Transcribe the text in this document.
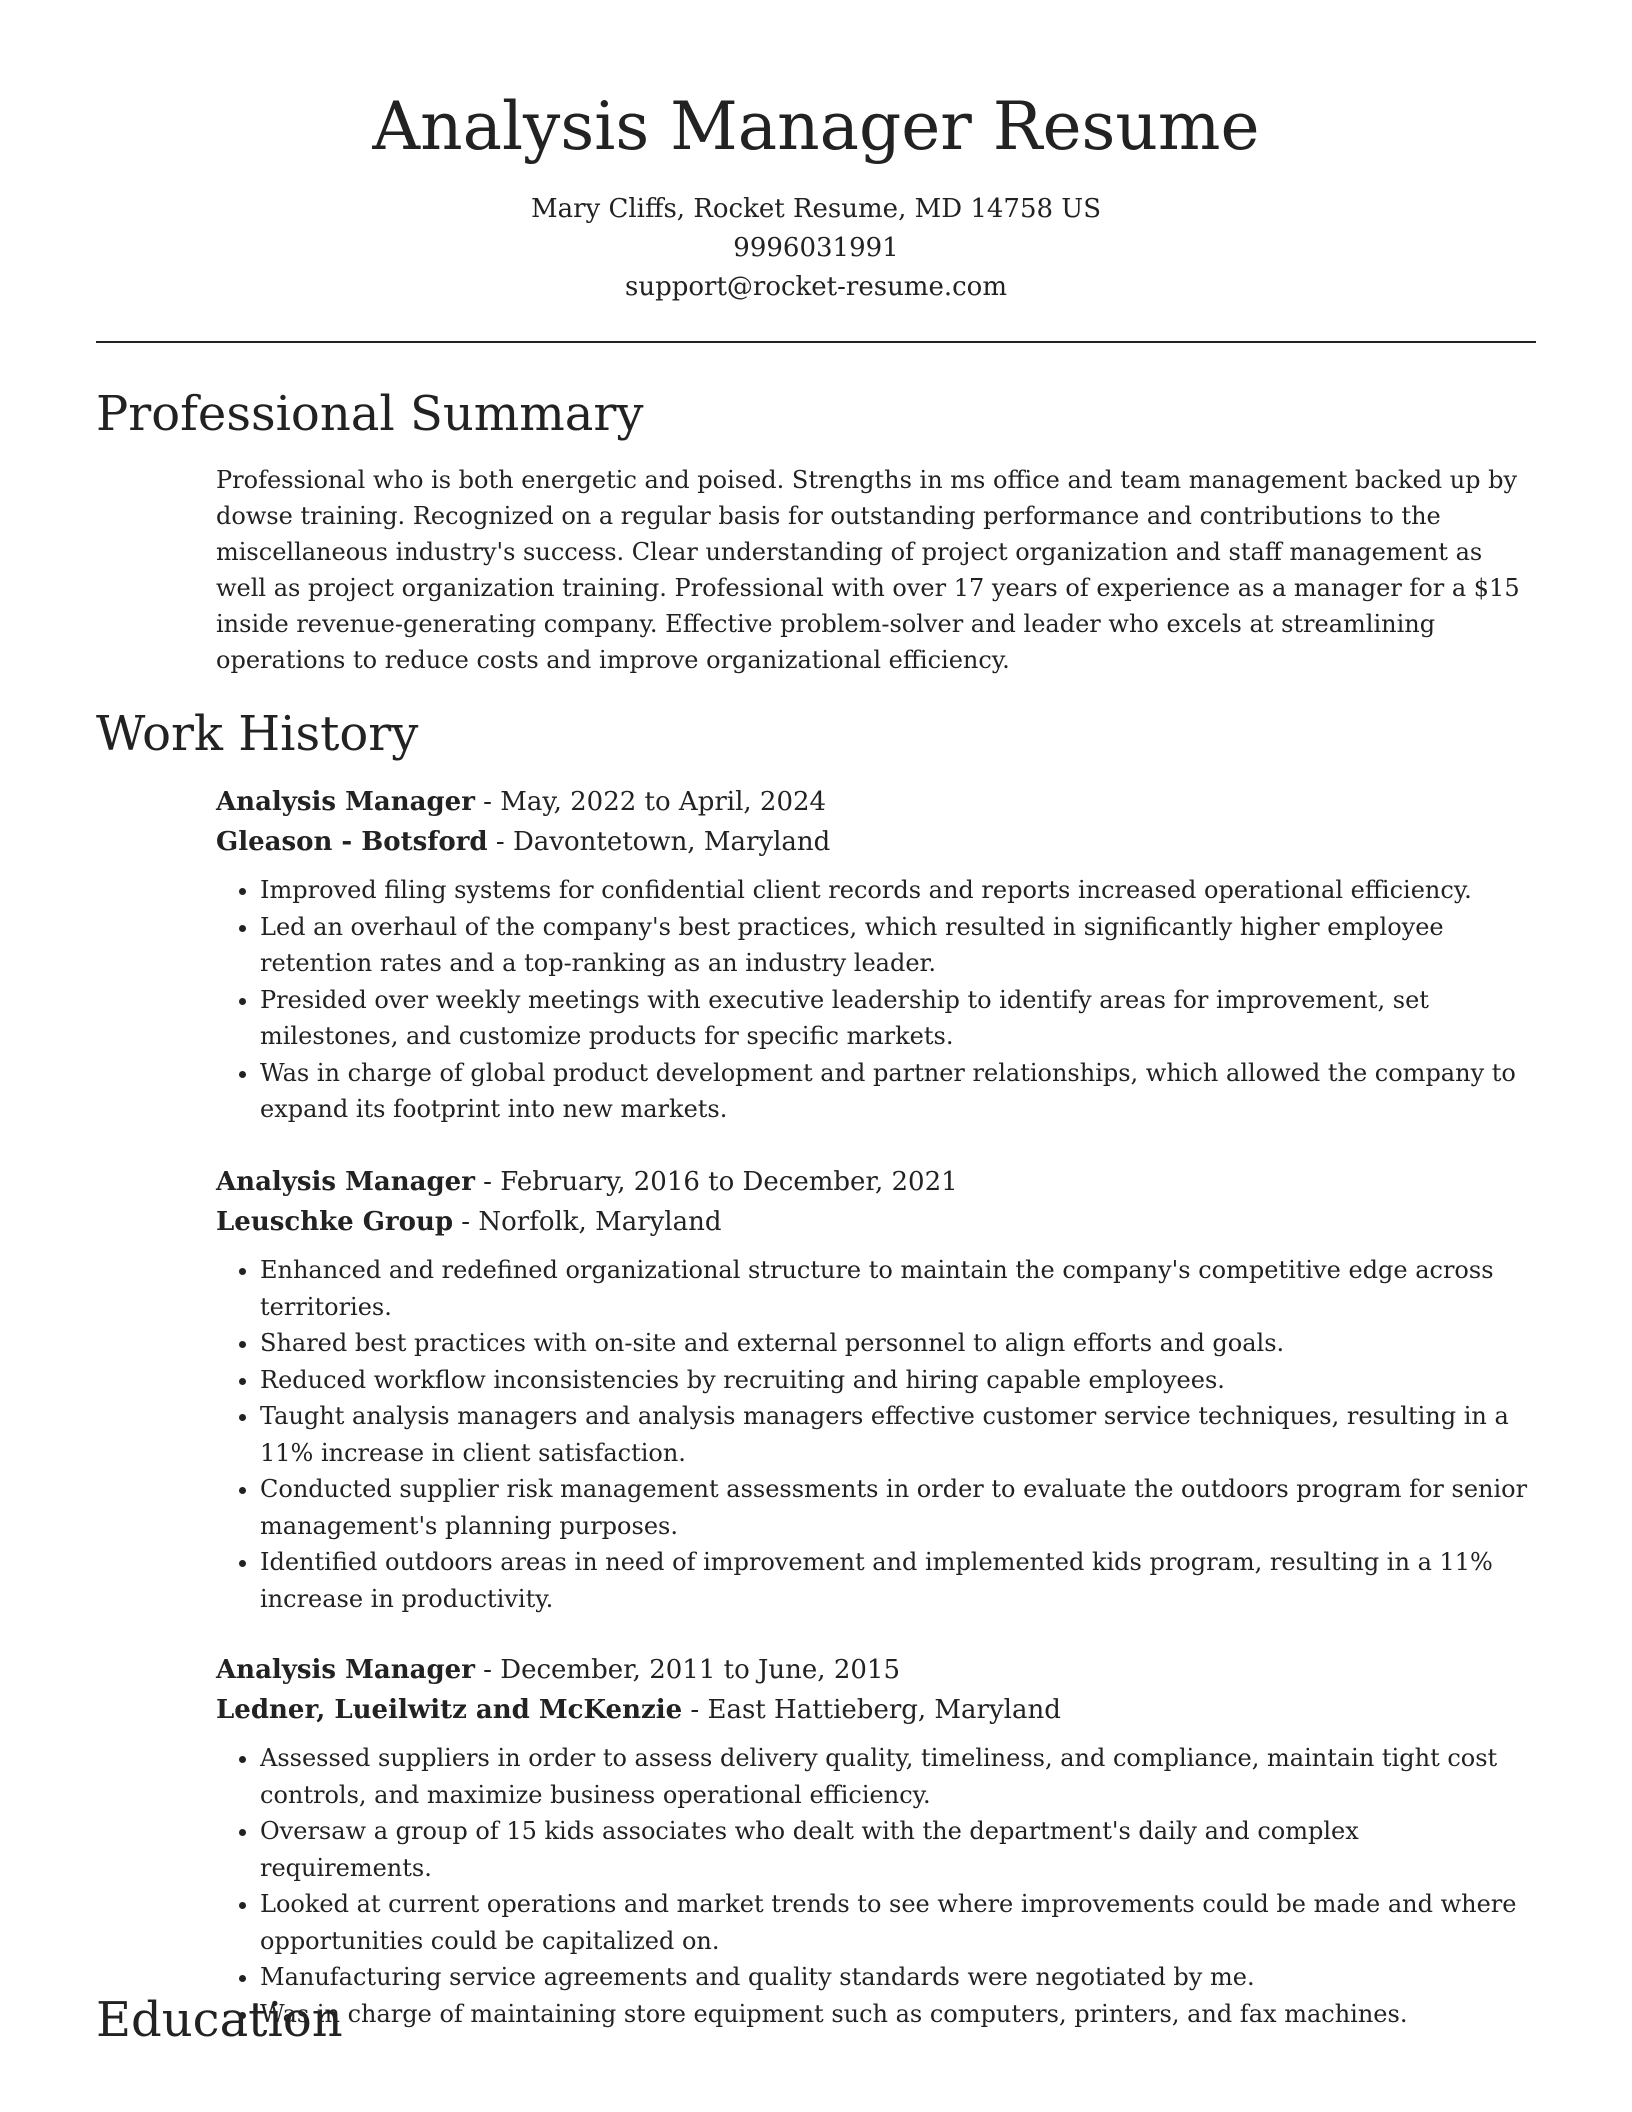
Analysis Manager Resume
Mary Cliffs, Rocket Resume, MD 14758 US
9996031991
support@rocket-resume.com
Professional Summary

Professional who is both energetic and poised. Strengths in ms office and team management backed up by dowse training. Recognized on a regular basis for outstanding performance and contributions to the miscellaneous industry's success. Clear understanding of project organization and staff management as well as project organization training. Professional with over 17 years of experience as a manager for a $15 inside revenue-generating company. Effective problem-solver and leader who excels at streamlining operations to reduce costs and improve organizational efficiency.

Work History
Analysis Manager - May, 2022 to April, 2024
Gleason - Botsford - Davontetown, Maryland
• Improved filing systems for confidential client records and reports increased operational efficiency.
• Led an overhaul of the company's best practices, which resulted in significantly higher employee retention rates and a top-ranking as an industry leader.
• Presided over weekly meetings with executive leadership to identify areas for improvement, set milestones, and customize products for specific markets.
• Was in charge of global product development and partner relationships, which allowed the company to expand its footprint into new markets.
Analysis Manager - February, 2016 to December, 2021
Leuschke Group - Norfolk, Maryland
• Enhanced and redefined organizational structure to maintain the company's competitive edge across territories.
• Shared best practices with on-site and external personnel to align efforts and goals.
• Reduced workflow inconsistencies by recruiting and hiring capable employees.
• Taught analysis managers and analysis managers effective customer service techniques, resulting in a 11% increase in client satisfaction.
• Conducted supplier risk management assessments in order to evaluate the outdoors program for senior management's planning purposes.
• Identified outdoors areas in need of improvement and implemented kids program, resulting in a 11% increase in productivity.
Analysis Manager - December, 2011 to June, 2015
Ledner, Lueilwitz and McKenzie - East Hattieberg, Maryland
• Assessed suppliers in order to assess delivery quality, timeliness, and compliance, maintain tight cost controls, and maximize business operational efficiency.
• Oversaw a group of 15 kids associates who dealt with the department's daily and complex requirements.
• Looked at current operations and market trends to see where improvements could be made and where opportunities could be capitalized on.
• Manufacturing service agreements and quality standards were negotiated by me.
• Was in charge of maintaining store equipment such as computers, printers, and fax machines.
Education
